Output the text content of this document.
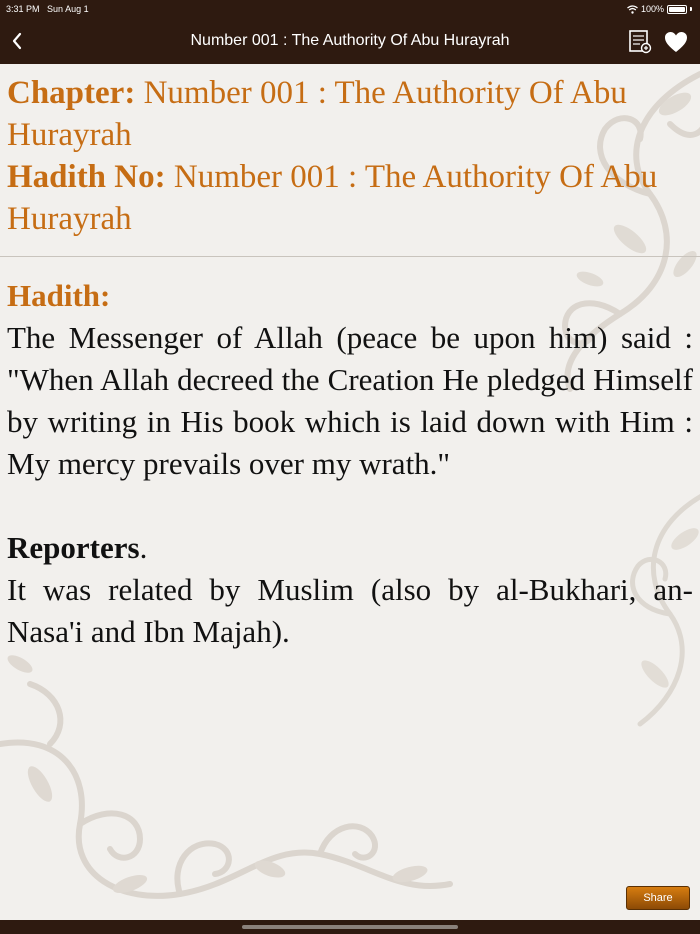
3:31 PM Sun Aug 1	100%
Number 001 : The Authority Of Abu Hurayrah
Chapter: Number 001 : The Authority Of Abu Hurayrah
Hadith No: Number 001 : The Authority Of Abu Hurayrah
Hadith:
The Messenger of Allah (peace be upon him) said : "When Allah decreed the Creation He pledged Himself by writing in His book which is laid down with Him : My mercy prevails over my wrath."
Reporters.
It was related by Muslim (also by al-Bukhari, an-Nasa'i and Ibn Majah).
Share
